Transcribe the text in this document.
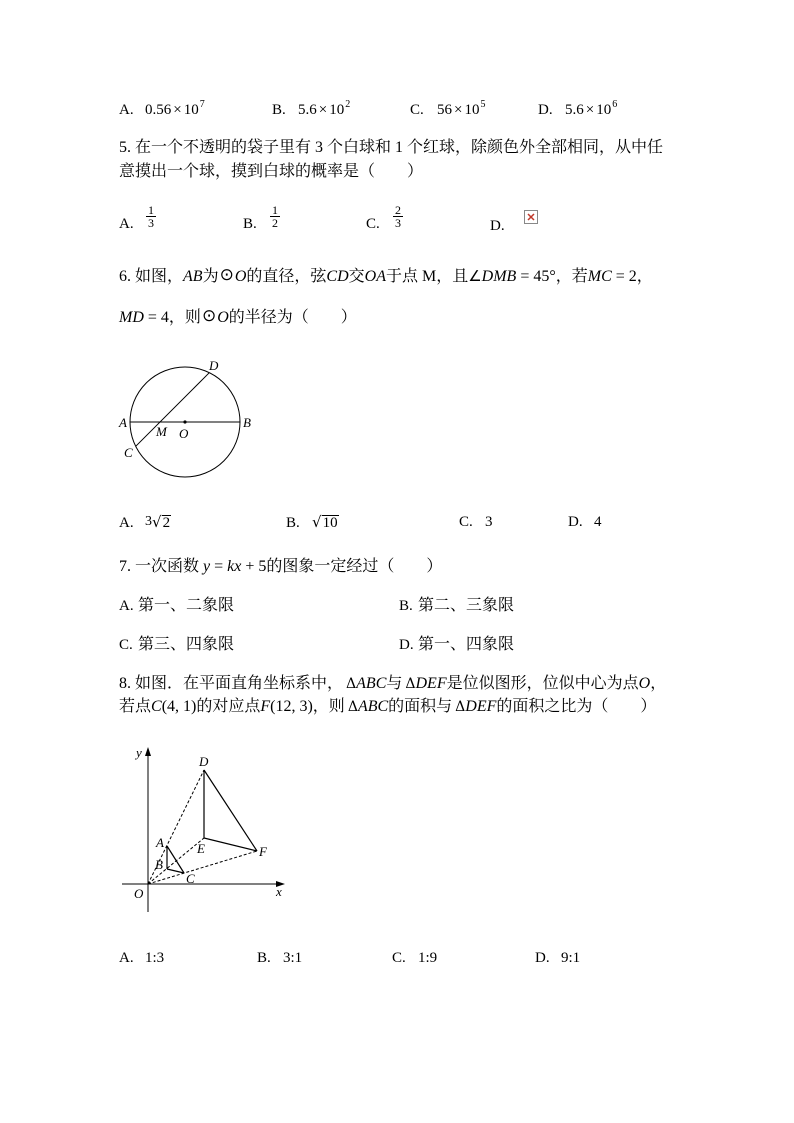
A. $0.56 \times 10^7$	B. $5.6 \times 10^2$	C. $56 \times 10^5$	D. $5.6 \times 10^6$
5. 在一个不透明的袋子里有 3 个白球和 1 个红球，除颜色外全部相同，从中任
意摸出一个球，摸到白球的概率是（　　）
A.	$\frac{1}{3}$	B.	$\frac{1}{2}$	C.	$\frac{2}{3}$	D.
6. 如图，AB为⊙O的直径，弦CD交OA于点 M，且∠DMB = 45°，若MC = 2，
MD = 4，则⊙O的半径为（　　）
A	B
D
C
M O
A. 3√2	B. √10	C. 3	D. 4
7. 一次函数 y = kx + 5的图象一定经过（　　）
A. 第一、二象限	B. 第二、三象限
C. 第三、四象限	D. 第一、四象限
8. 如图．在平面直角坐标系中， ΔABC与 ΔDEF是位似图形，位似中心为点O，
若点C(4, 1)的对应点F(12, 3)，则 ΔABC的面积与 ΔDEF的面积之比为（　　）
y
x
O
D
E	F
A
B
C
A. 1:3	B. 3:1	C. 1:9	D. 9:1
